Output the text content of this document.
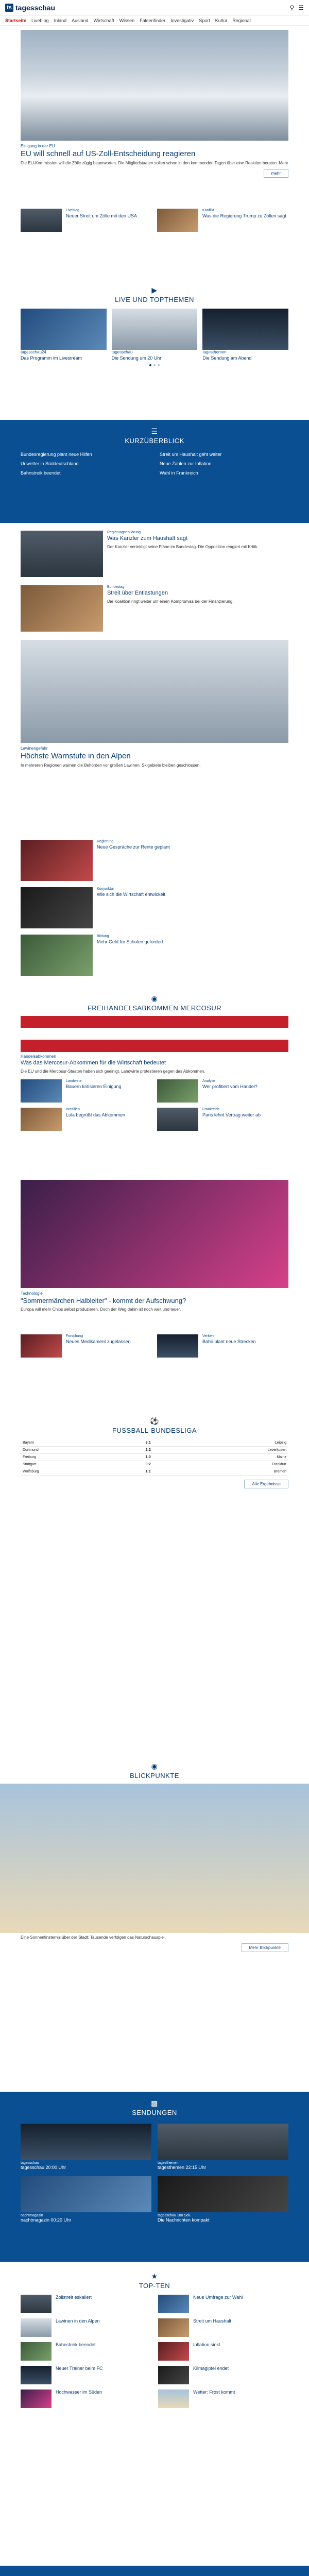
ts tagesschau	⚲ ☰
Startseite Liveblog Inland Ausland Wirtschaft Wissen Faktenfinder Investigativ Sport Kultur Regional
Einigung in der EU
EU will schnell auf US-Zoll-Entscheidung reagieren
Die EU-Kommission will die Zölle zügig beantworten. Die Mitgliedstaaten sollen schon in den kommenden Tagen über eine Reaktion beraten. Mehr
mehr
Liveblog
Neuer Streit um Zölle mit den USA
Konflikt
Was die Regierung Trump zu Zöllen sagt
▶
LIVE UND TOPTHEMEN
tagesschau24
Das Programm im Livestream
tagesschau
Die Sendung um 20 Uhr
tagesthemen
Die Sendung am Abend
☰
KURZÜBERBLICK
Bundesregierung plant neue Hilfen	Streit um Haushalt geht weiter
Unwetter in Süddeutschland	Neue Zahlen zur Inflation
Bahnstreik beendet	Wahl in Frankreich
Regierungserklärung
Was Kanzler zum Haushalt sagt
Der Kanzler verteidigt seine Pläne im Bundestag. Die Opposition reagiert mit Kritik.
Bundestag
Streit über Entlastungen
Die Koalition ringt weiter um einen Kompromiss bei der Finanzierung.
Lawinengefahr
Höchste Warnstufe in den Alpen
In mehreren Regionen warnen die Behörden vor großen Lawinen. Skigebiete bleiben geschlossen.
Regierung
Neue Gespräche zur Rente geplant
Konjunktur
Wie sich die Wirtschaft entwickelt
Bildung
Mehr Geld für Schulen gefordert
◉
FREIHANDELSABKOMMEN MERCOSUR
Handelsabkommen
Was das Mercosur-Abkommen für die Wirtschaft bedeutet
Die EU und die Mercosur-Staaten haben sich geeinigt. Landwirte protestieren gegen das Abkommen.
Landwirte
Bauern kritisieren Einigung
Analyse
Wer profitiert vom Handel?
Brasilien
Lula begrüßt das Abkommen
Frankreich
Paris lehnt Vertrag weiter ab
Technologie
"Sommermärchen Halbleiter" - kommt der Aufschwung?
Europa will mehr Chips selbst produzieren. Doch der Weg dahin ist noch weit und teuer.
Forschung
Neues Medikament zugelassen
Verkehr
Bahn plant neue Strecken
⚽
FUSSBALL-BUNDESLIGA
Bayern	3:1	Leipzig
Dortmund	2:2	Leverkusen
Freiburg	1:0	Mainz
Stuttgart	0:2	Frankfurt
Wolfsburg	1:1	Bremen
Alle Ergebnisse
◉
BLICKPUNKTE
Eine Sonnenfinsternis über der Stadt: Tausende verfolgen das Naturschauspiel.
Mehr Blickpunkte
▩
SENDUNGEN
tagesschau
tagesschau 20:00 Uhr
tagesthemen
tagesthemen 22:15 Uhr
nachtmagazin
nachtmagazin 00:20 Uhr
tagesschau 100 Sek.
Die Nachrichten kompakt
★
TOP-TEN
Zollstreit eskaliert	Neue Umfrage zur Wahl
Lawinen in den Alpen	Streit um Haushalt
Bahnstreik beendet	Inflation sinkt
Neuer Trainer beim FC	Klimagipfel endet
Hochwasser im Süden	Wetter: Frost kommt
